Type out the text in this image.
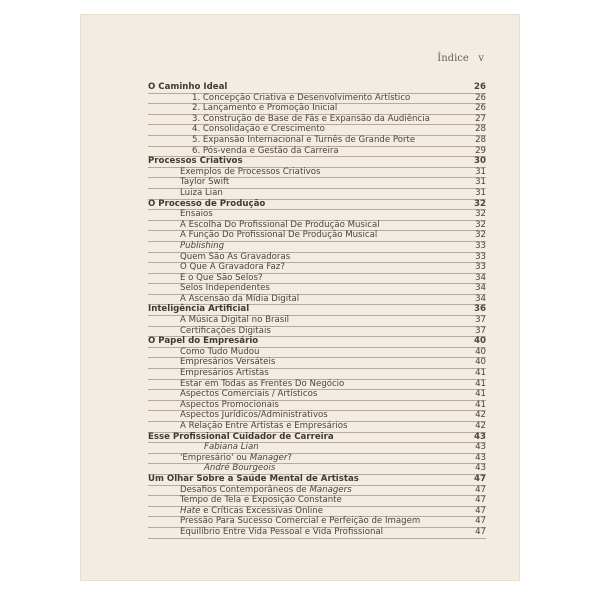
Índice v
O Caminho Ideal	26
1. Concepção Criativa e Desenvolvimento Artístico	26
2. Lançamento e Promoção Inicial	26
3. Construção de Base de Fãs e Expansão da Audiência	27
4. Consolidação e Crescimento	28
5. Expansão Internacional e Turnês de Grande Porte	28
6. Pós-venda e Gestão da Carreira	29
Processos Criativos	30
Exemplos de Processos Criativos	31
Taylor Swift	31
Luiza Lian	31
O Processo de Produção	32
Ensaios	32
A Escolha Do Profissional De Produção Musical	32
A Função Do Profissional De Produção Musical	32
Publishing	33
Quem São As Gravadoras	33
O Que A Gravadora Faz?	33
E o Que São Selos?	34
Selos Independentes	34
A Ascensão da Mídia Digital	34
Inteligência Artificial	36
A Música Digital no Brasil	37
Certificações Digitais	37
O Papel do Empresário	40
Como Tudo Mudou	40
Empresários Versáteis	40
Empresários Artistas	41
Estar em Todas as Frentes Do Negócio	41
Aspectos Comerciais / Artísticos	41
Aspectos Promocionais	41
Aspectos Jurídicos/Administrativos	42
A Relação Entre Artistas e Empresários	42
Esse Profissional Cuidador de Carreira	43
Fabiana Lian	43
'Empresário' ou Manager?	43
André Bourgeois	43
Um Olhar Sobre a Saúde Mental de Artistas	47
Desafios Contemporâneos de Managers	47
Tempo de Tela e Exposição Constante	47
Hate e Críticas Excessivas Online	47
Pressão Para Sucesso Comercial e Perfeição de Imagem	47
Equilíbrio Entre Vida Pessoal e Vida Profissional	47
